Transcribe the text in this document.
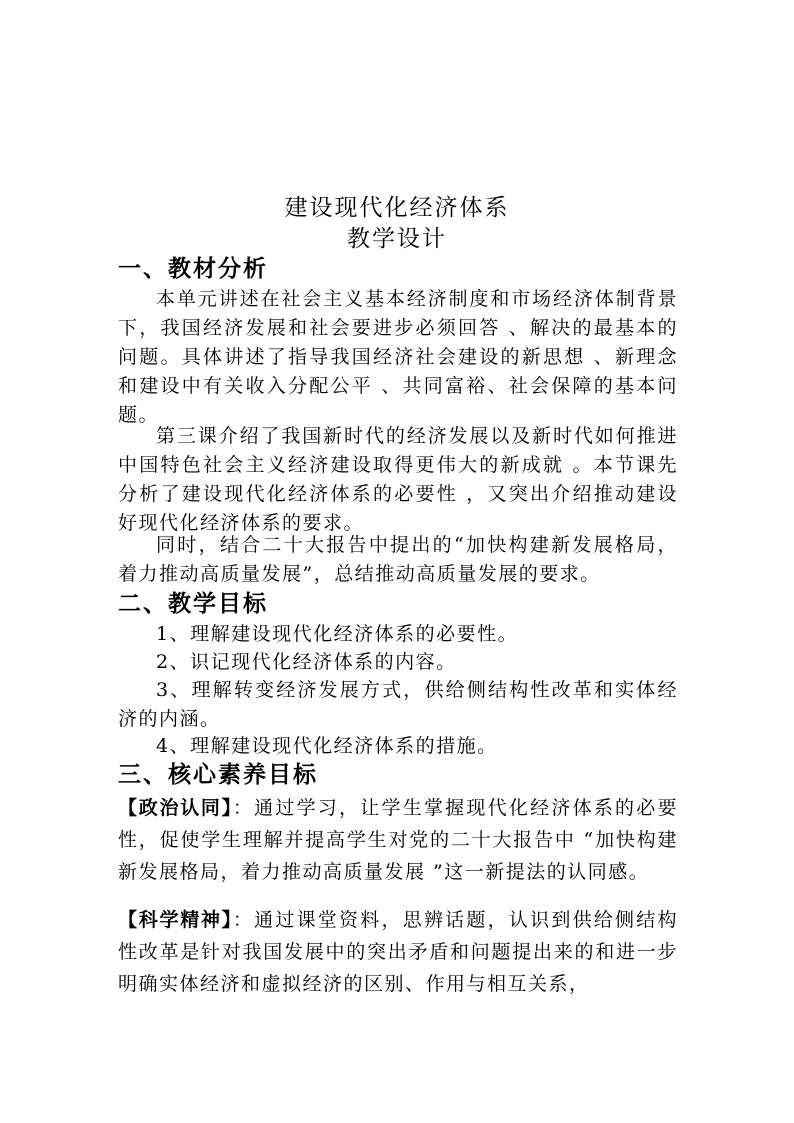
建设现代化经济体系
教学设计
一、教材分析

本单元讲述在社会主义基本经济制度和市场经济体制背景下，我国经济发展和社会要进步必须回答 、解决的最基本的问题。具体讲述了指导我国经济社会建设的新思想 、新理念和建设中有关收入分配公平 、共同富裕、社会保障的基本问题。

第三课介绍了我国新时代的经济发展以及新时代如何推进中国特色社会主义经济建设取得更伟大的新成就 。本节课先分析了建设现代化经济体系的必要性 ，又突出介绍推动建设好现代化经济体系的要求。

同时，结合二十大报告中提出的“加快构建新发展格局，着力推动高质量发展”，总结推动高质量发展的要求。

二、教学目标

1、理解建设现代化经济体系的必要性。

2、识记现代化经济体系的内容。

3、理解转变经济发展方式，供给侧结构性改革和实体经济的内涵。

4、理解建设现代化经济体系的措施。

三、核心素养目标

【政治认同】：通过学习，让学生掌握现代化经济体系的必要性，促使学生理解并提高学生对党的二十大报告中 “加快构建新发展格局，着力推动高质量发展 ”这一新提法的认同感。

【科学精神】：通过课堂资料，思辨话题，认识到供给侧结构性改革是针对我国发展中的突出矛盾和问题提出来的和进一步明确实体经济和虚拟经济的区别、作用与相互关系，
